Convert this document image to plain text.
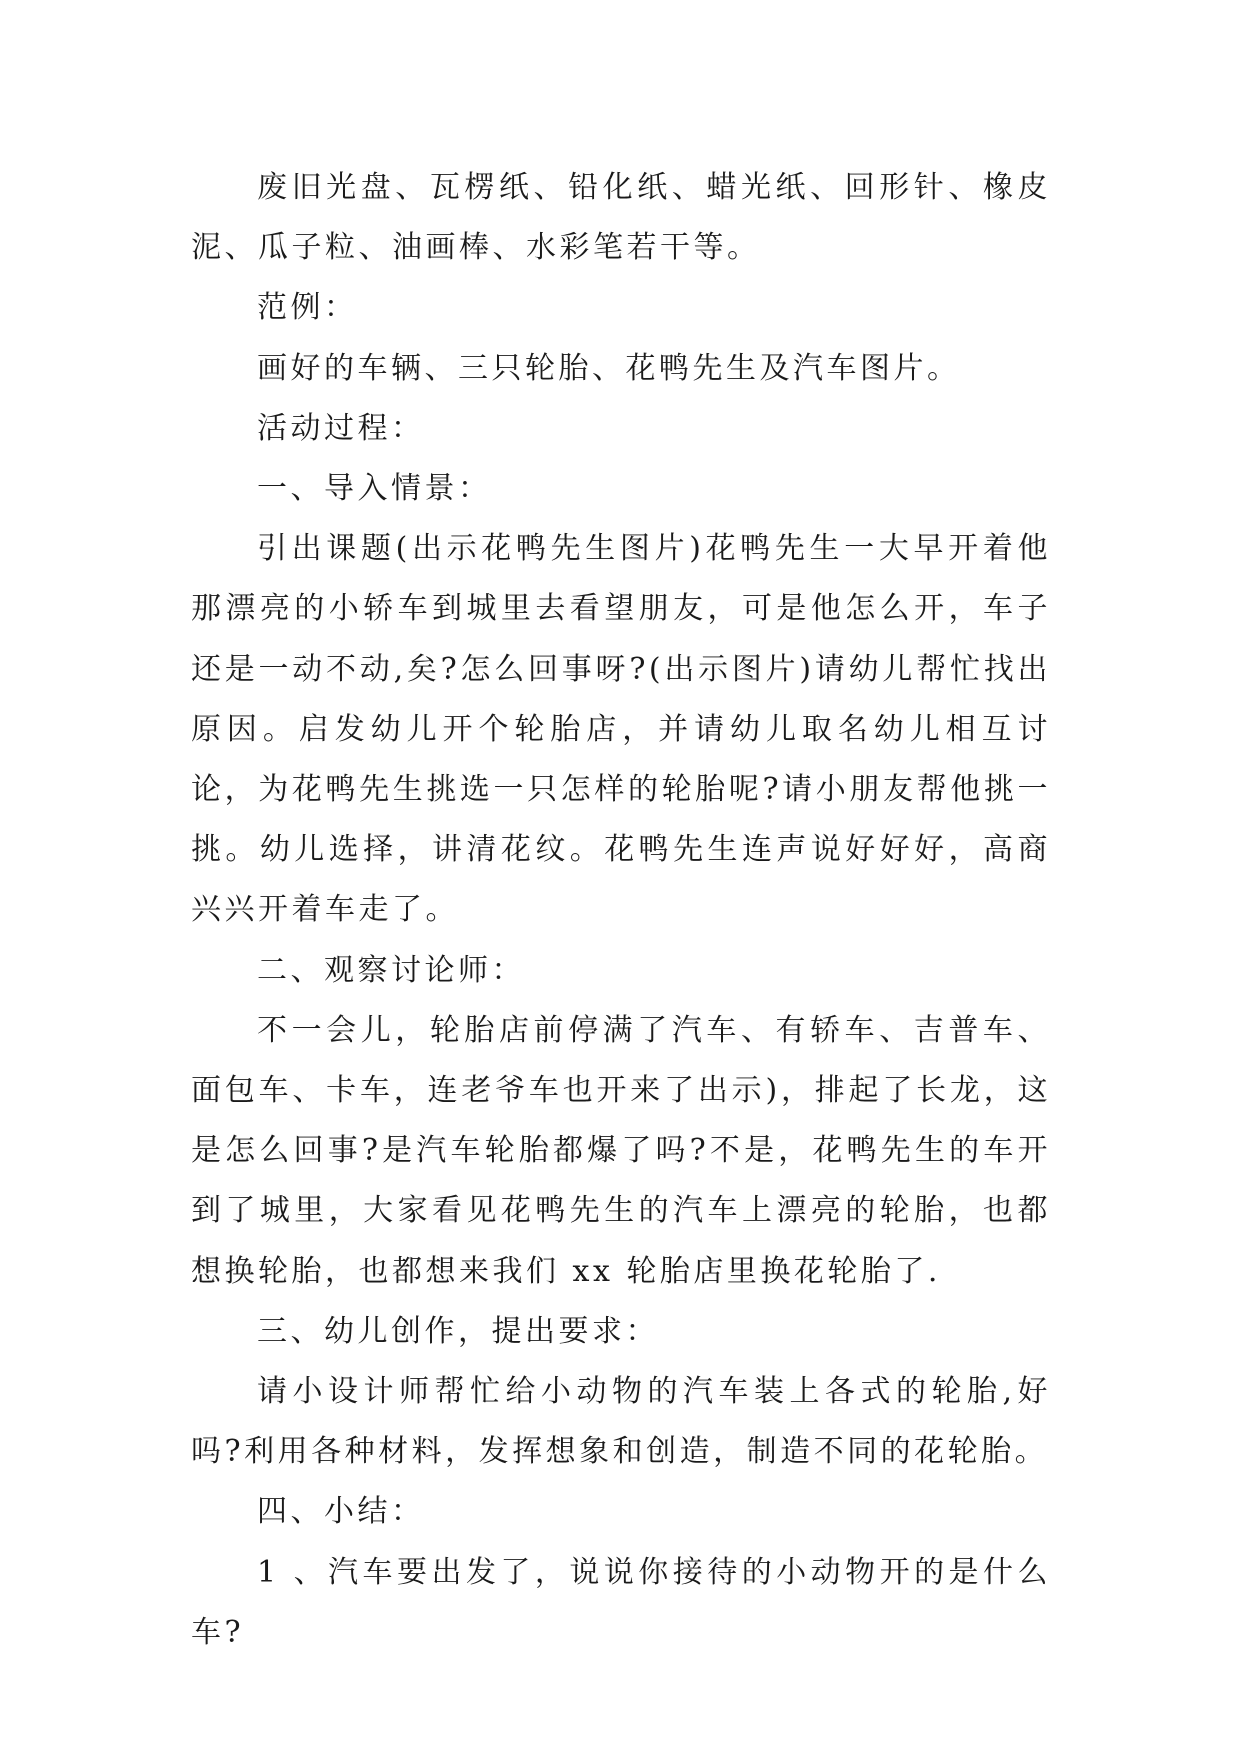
废旧光盘、瓦楞纸、铅化纸、蜡光纸、回形针、橡皮泥、瓜子粒、油画棒、水彩笔若干等。

范例：

画好的车辆、三只轮胎、花鸭先生及汽车图片。

活动过程：

一、导入情景：

引出课题(出示花鸭先生图片)花鸭先生一大早开着他那漂亮的小轿车到城里去看望朋友，可是他怎么开，车子还是一动不动,矣?怎么回事呀?(出示图片)请幼儿帮忙找出原因。启发幼儿开个轮胎店，并请幼儿取名幼儿相互讨论，为花鸭先生挑选一只怎样的轮胎呢?请小朋友帮他挑一挑。幼儿选择，讲清花纹。花鸭先生连声说好好好，高商兴兴开着车走了。

二、观察讨论师：

不一会儿，轮胎店前停满了汽车、有轿车、吉普车、面包车、卡车，连老爷车也开来了出示)，排起了长龙，这是怎么回事?是汽车轮胎都爆了吗?不是，花鸭先生的车开到了城里，大家看见花鸭先生的汽车上漂亮的轮胎，也都想换轮胎，也都想来我们 xx 轮胎店里换花轮胎了.

三、幼儿创作，提出要求：

请小设计师帮忙给小动物的汽车装上各式的轮胎,好吗?利用各种材料，发挥想象和创造，制造不同的花轮胎。

四、小结：

1 、汽车要出发了，说说你接待的小动物开的是什么车?
